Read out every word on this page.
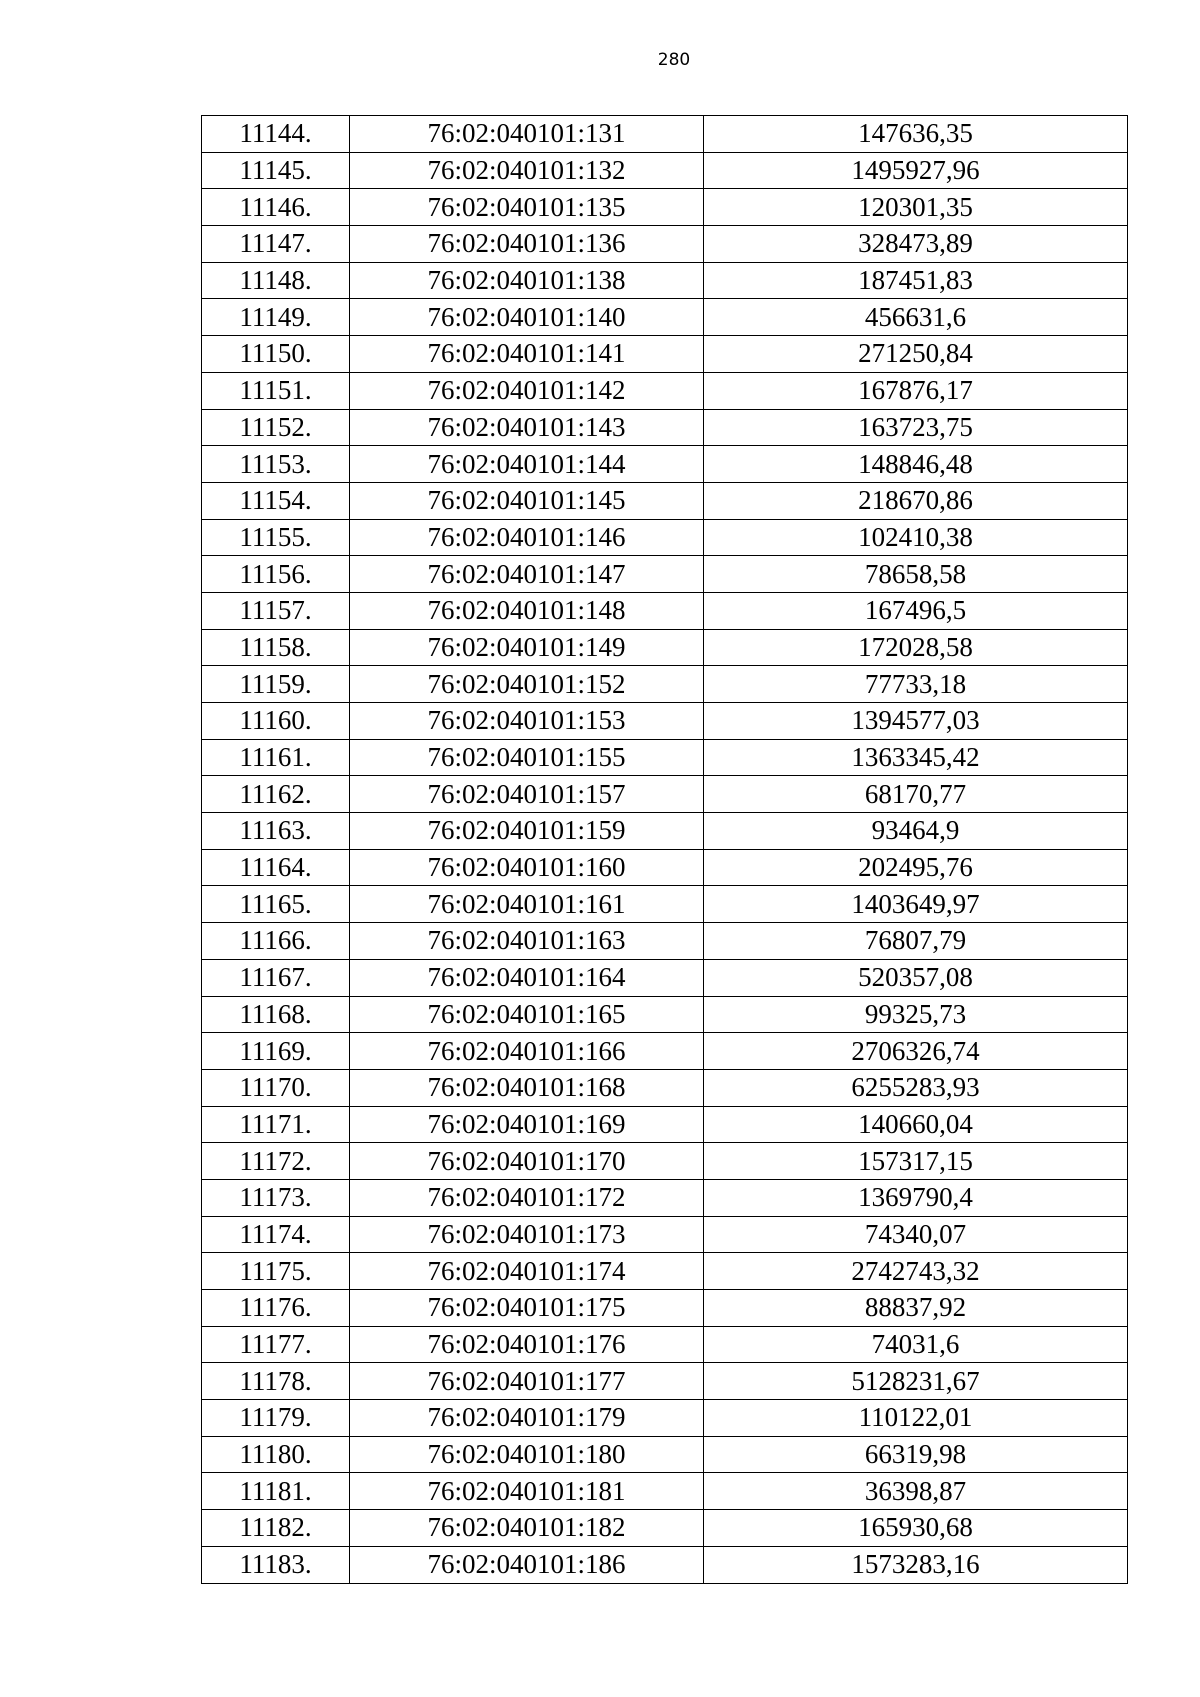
280
11144.	76:02:040101:131	147636,35
11145.	76:02:040101:132	1495927,96
11146.	76:02:040101:135	120301,35
11147.	76:02:040101:136	328473,89
11148.	76:02:040101:138	187451,83
11149.	76:02:040101:140	456631,6
11150.	76:02:040101:141	271250,84
11151.	76:02:040101:142	167876,17
11152.	76:02:040101:143	163723,75
11153.	76:02:040101:144	148846,48
11154.	76:02:040101:145	218670,86
11155.	76:02:040101:146	102410,38
11156.	76:02:040101:147	78658,58
11157.	76:02:040101:148	167496,5
11158.	76:02:040101:149	172028,58
11159.	76:02:040101:152	77733,18
11160.	76:02:040101:153	1394577,03
11161.	76:02:040101:155	1363345,42
11162.	76:02:040101:157	68170,77
11163.	76:02:040101:159	93464,9
11164.	76:02:040101:160	202495,76
11165.	76:02:040101:161	1403649,97
11166.	76:02:040101:163	76807,79
11167.	76:02:040101:164	520357,08
11168.	76:02:040101:165	99325,73
11169.	76:02:040101:166	2706326,74
11170.	76:02:040101:168	6255283,93
11171.	76:02:040101:169	140660,04
11172.	76:02:040101:170	157317,15
11173.	76:02:040101:172	1369790,4
11174.	76:02:040101:173	74340,07
11175.	76:02:040101:174	2742743,32
11176.	76:02:040101:175	88837,92
11177.	76:02:040101:176	74031,6
11178.	76:02:040101:177	5128231,67
11179.	76:02:040101:179	110122,01
11180.	76:02:040101:180	66319,98
11181.	76:02:040101:181	36398,87
11182.	76:02:040101:182	165930,68
11183.	76:02:040101:186	1573283,16
